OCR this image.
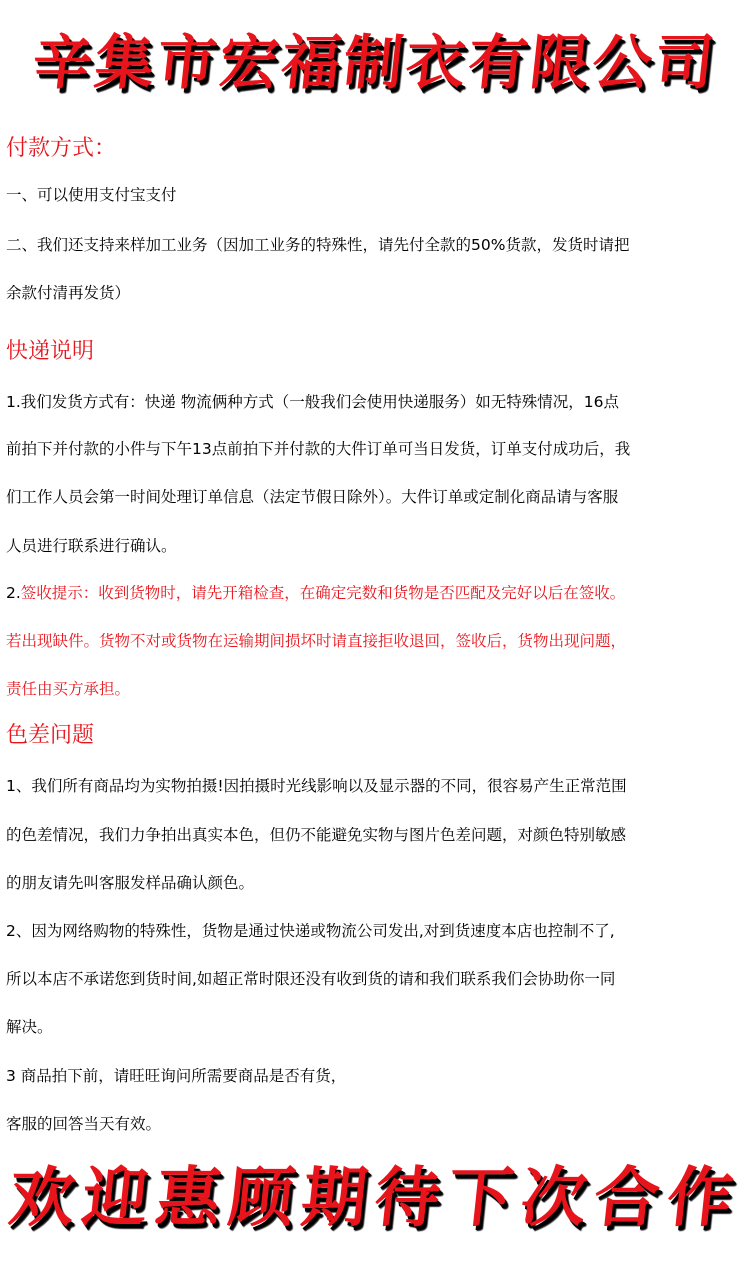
辛集市宏福制衣有限公司
付款方式：

一、可以使用支付宝支付

二、我们还支持来样加工业务（因加工业务的特殊性，请先付全款的50%货款，发货时请把

余款付清再发货）

快递说明

1.我们发货方式有：快递 物流俩种方式（一般我们会使用快递服务）如无特殊情况，16点

前拍下并付款的小件与下午13点前拍下并付款的大件订单可当日发货，订单支付成功后，我

们工作人员会第一时间处理订单信息（法定节假日除外）。大件订单或定制化商品请与客服

人员进行联系进行确认。

2.签收提示：收到货物时，请先开箱检查，在确定完数和货物是否匹配及完好以后在签收。

若出现缺件。货物不对或货物在运输期间损坏时请直接拒收退回，签收后，货物出现问题，

责任由买方承担。

色差问题

1、我们所有商品均为实物拍摄!因拍摄时光线影响以及显示器的不同，很容易产生正常范围

的色差情况，我们力争拍出真实本色，但仍不能避免实物与图片色差问题，对颜色特别敏感

的朋友请先叫客服发样品确认颜色。

2、因为网络购物的特殊性，货物是通过快递或物流公司发出,对到货速度本店也控制不了,

所以本店不承诺您到货时间,如超正常时限还没有收到货的请和我们联系我们会协助你一同

解决。

3 商品拍下前，请旺旺询问所需要商品是否有货，

客服的回答当天有效。

欢迎惠顾期待下次合作
